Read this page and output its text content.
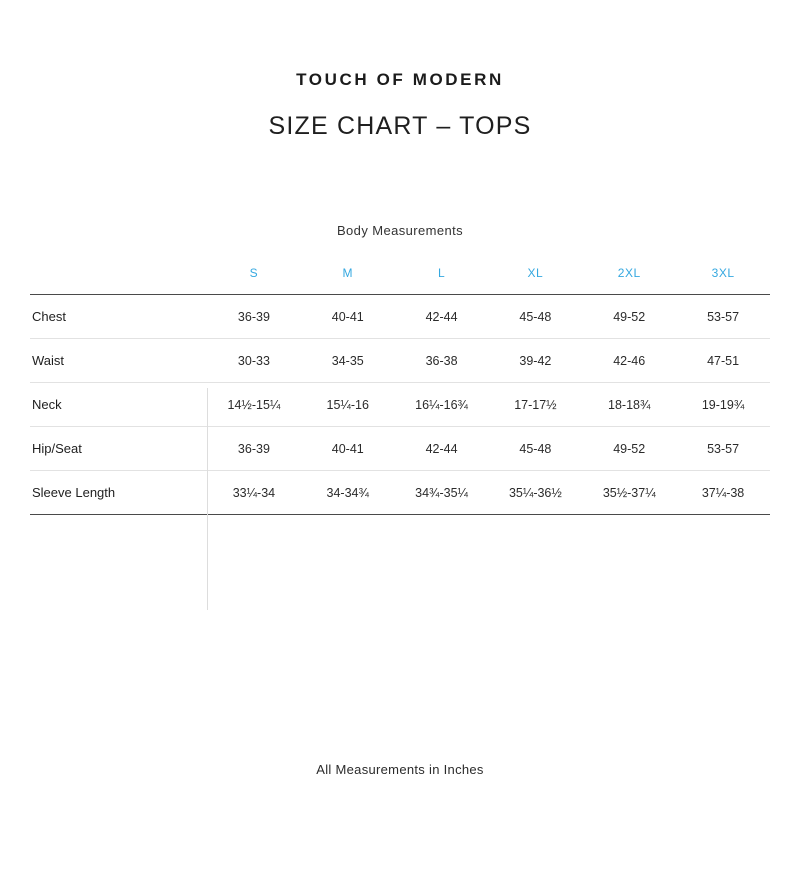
TOUCH OF MODERN
SIZE CHART – TOPS
Body Measurements
	S	M	L	XL	2XL	3XL
Chest	36-39	40-41	42-44	45-48	49-52	53-57
Waist	30-33	34-35	36-38	39-42	42-46	47-51
Neck	14½-15¼	15¼-16	16¼-16¾	17-17½	18-18¾	19-19¾
Hip/Seat	36-39	40-41	42-44	45-48	49-52	53-57
Sleeve Length	33¼-34	34-34¾	34¾-35¼	35¼-36½	35½-37¼	37¼-38
All Measurements in Inches
